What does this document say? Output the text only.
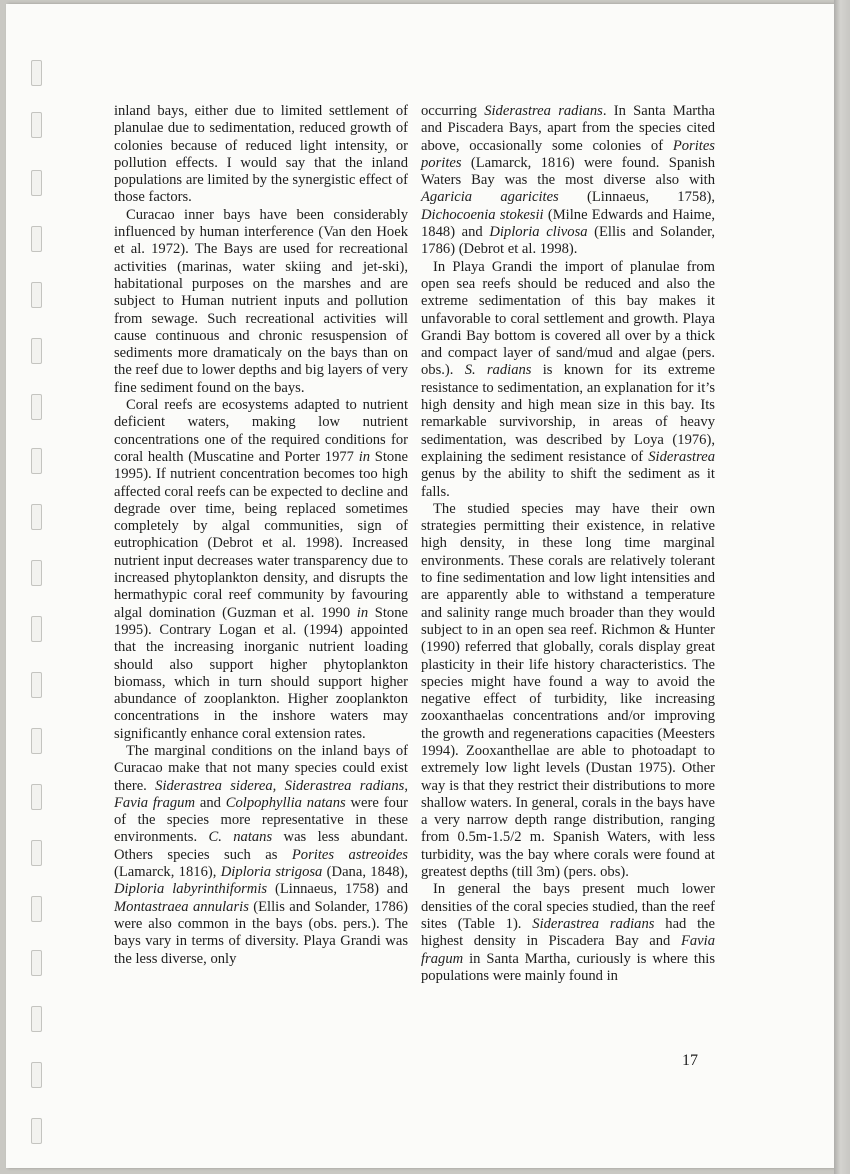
inland bays, either due to limited settlement of planulae due to sedimentation, reduced growth of colonies because of reduced light intensity, or pollution effects. I would say that the inland populations are limited by the synergistic effect of those factors.

Curacao inner bays have been considerably influenced by human interference (Van den Hoek et al. 1972). The Bays are used for recreational activities (marinas, water skiing and jet-ski), habitational purposes on the marshes and are subject to Human nutrient inputs and pollution from sewage. Such recreational activities will cause continuous and chronic resuspension of sediments more dramaticaly on the bays than on the reef due to lower depths and big layers of very fine sediment found on the bays.

Coral reefs are ecosystems adapted to nutrient deficient waters, making low nutrient concentrations one of the required conditions for coral health (Muscatine and Porter 1977 in Stone 1995). If nutrient concentration becomes too high affected coral reefs can be expected to decline and degrade over time, being replaced sometimes completely by algal communities, sign of eutrophication (Debrot et al. 1998). Increased nutrient input decreases water transparency due to increased phytoplankton density, and disrupts the hermathypic coral reef community by favouring algal domination (Guzman et al. 1990 in Stone 1995). Contrary Logan et al. (1994) appointed that the increasing inorganic nutrient loading should also support higher phytoplankton biomass, which in turn should support higher abundance of zooplankton. Higher zooplankton concentrations in the inshore waters may significantly enhance coral extension rates.

The marginal conditions on the inland bays of Curacao make that not many species could exist there. Siderastrea siderea, Siderastrea radians, Favia fragum and Colpophyllia natans were four of the species more representative in these environments. C. natans was less abundant. Others species such as Porites astreoides (Lamarck, 1816), Diploria strigosa (Dana, 1848), Diploria labyrinthiformis (Linnaeus, 1758) and Montastraea annularis (Ellis and Solander, 1786) were also common in the bays (obs. pers.). The bays vary in terms of diversity. Playa Grandi was the less diverse, only

occurring Siderastrea radians. In Santa Martha and Piscadera Bays, apart from the species cited above, occasionally some colonies of Porites porites (Lamarck, 1816) were found. Spanish Waters Bay was the most diverse also with Agaricia agaricites (Linnaeus, 1758), Dichocoenia stokesii (Milne Edwards and Haime, 1848) and Diploria clivosa (Ellis and Solander, 1786) (Debrot et al. 1998).

In Playa Grandi the import of planulae from open sea reefs should be reduced and also the extreme sedimentation of this bay makes it unfavorable to coral settlement and growth. Playa Grandi Bay bottom is covered all over by a thick and compact layer of sand/mud and algae (pers. obs.). S. radians is known for its extreme resistance to sedimentation, an explanation for it’s high density and high mean size in this bay. Its remarkable survivorship, in areas of heavy sedimentation, was described by Loya (1976), explaining the sediment resistance of Siderastrea genus by the ability to shift the sediment as it falls.

The studied species may have their own strategies permitting their existence, in relative high density, in these long time marginal environments. These corals are relatively tolerant to fine sedimentation and low light intensities and are apparently able to withstand a temperature and salinity range much broader than they would subject to in an open sea reef. Richmon & Hunter (1990) referred that globally, corals display great plasticity in their life history characteristics. The species might have found a way to avoid the negative effect of turbidity, like increasing zooxanthaelas concentrations and/or improving the growth and regenerations capacities (Meesters 1994). Zooxanthellae are able to photoadapt to extremely low light levels (Dustan 1975). Other way is that they restrict their distributions to more shallow waters. In general, corals in the bays have a very narrow depth range distribution, ranging from 0.5m-1.5/2 m. Spanish Waters, with less turbidity, was the bay where corals were found at greatest depths (till 3m) (pers. obs).

In general the bays present much lower densities of the coral species studied, than the reef sites (Table 1). Siderastrea radians had the highest density in Piscadera Bay and Favia fragum in Santa Martha, curiously is where this populations were mainly found in

17
